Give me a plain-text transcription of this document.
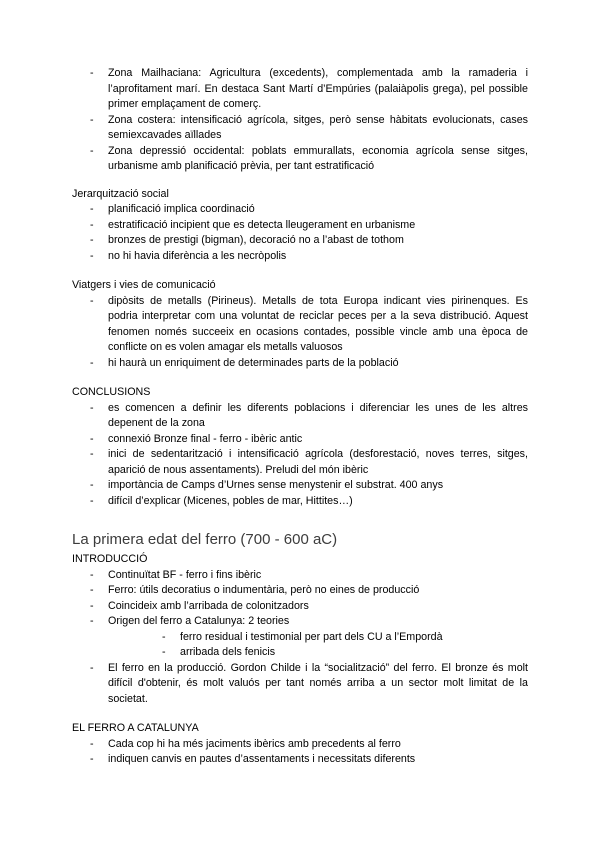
- Zona Mailhaciana: Agricultura (excedents), complementada amb la ramaderia i l’aprofitament marí. En destaca Sant Martí d’Empúries (palaiàpolis grega), pel possible primer emplaçament de comerç.
- Zona costera: intensificació agrícola, sitges, però sense hàbitats evolucionats, cases semiexcavades aïllades
- Zona depressió occidental: poblats emmurallats, economia agrícola sense sitges, urbanisme amb planificació prèvia, per tant estratificació
Jerarquització social
- planificació implica coordinació
- estratificació incipient que es detecta lleugerament en urbanisme
- bronzes de prestigi (bigman), decoració no a l’abast de tothom
- no hi havia diferència a les necròpolis
Viatgers i vies de comunicació
- dipòsits de metalls (Pirineus). Metalls de tota Europa indicant vies pirinenques. Es podria interpretar com una voluntat de reciclar peces per a la seva distribució. Aquest fenomen només succeeix en ocasions contades, possible vincle amb una època de conflicte on es volen amagar els metalls valuosos
- hi haurà un enriquiment de determinades parts de la població
CONCLUSIONS
- es comencen a definir les diferents poblacions i diferenciar les unes de les altres depenent de la zona
- connexió Bronze final - ferro - ibèric antic
- inici de sedentarització i intensificació agrícola (desforestació, noves terres, sitges, aparició de nous assentaments). Preludi del món ibèric
- importància de Camps d’Urnes sense menystenir el substrat. 400 anys
- difícil d’explicar (Micenes, pobles de mar, Hittites…)
La primera edat del ferro (700 - 600 aC)
INTRODUCCIÓ
- Continuïtat BF - ferro i fins ibèric
- Ferro: útils decoratius o indumentària, però no eines de producció
- Coincideix amb l’arribada de colonitzadors
- Origen del ferro a Catalunya: 2 teories
- ferro residual i testimonial per part dels CU a l’Empordà
- arribada dels fenicis
- El ferro en la producció. Gordon Childe i la “socialització” del ferro. El bronze és molt difícil d'obtenir, és molt valuós per tant només arriba a un sector molt limitat de la societat.
EL FERRO A CATALUNYA
- Cada cop hi ha més jaciments ibèrics amb precedents al ferro
- indiquen canvis en pautes d’assentaments i necessitats diferents
